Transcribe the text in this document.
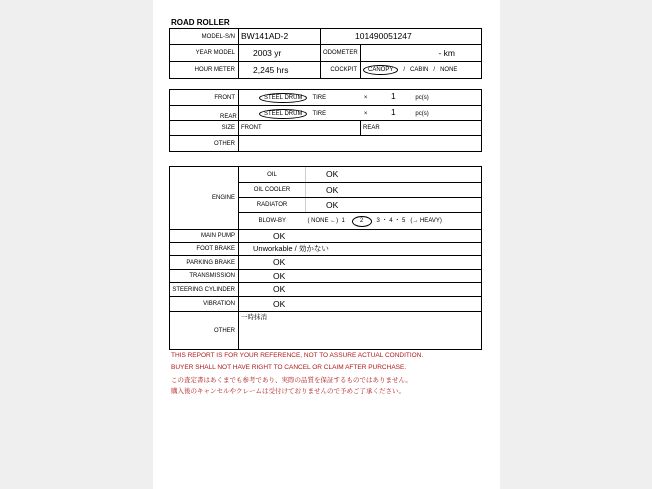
ROAD ROLLER
MODEL-S/N	BW141AD-2	101490051247	
YEAR MODEL	2003 yr	ODOMETER	- km
HOUR METER	2,245 hrs	COCKPIT	CANOPY / CABIN / NONE
FRONT	STEEL DRUM TIRE × 1 pc(s)	
REAR	STEEL DRUM TIRE × 1 pc(s)	
SIZE	FRONT	REAR
OTHER		
ENGINE	OIL	OK
	OIL COOLER	OK
	RADIATOR	OK
	BLOW-BY	( NONE ←) 1 2 3 ・ 4 ・ 5 (→ HEAVY)
MAIN PUMP	OK	
FOOT BRAKE	Unworkable / 効かない	
PARKING BRAKE	OK	
TRANSMISSION	OK	
STEERING CYLINDER	OK	
VIBRATION	OK	
OTHER	一時抹消	
THIS REPORT IS FOR YOUR REFERENCE, NOT TO ASSURE ACTUAL CONDITION.
BUYER SHALL NOT HAVE RIGHT TO CANCEL OR CLAIM AFTER PURCHASE.
この査定書はあくまでも参考であり、実際の品質を保証するものではありません。
購入後のキャンセルやクレームは受付けておりませんので予めご了承ください。
